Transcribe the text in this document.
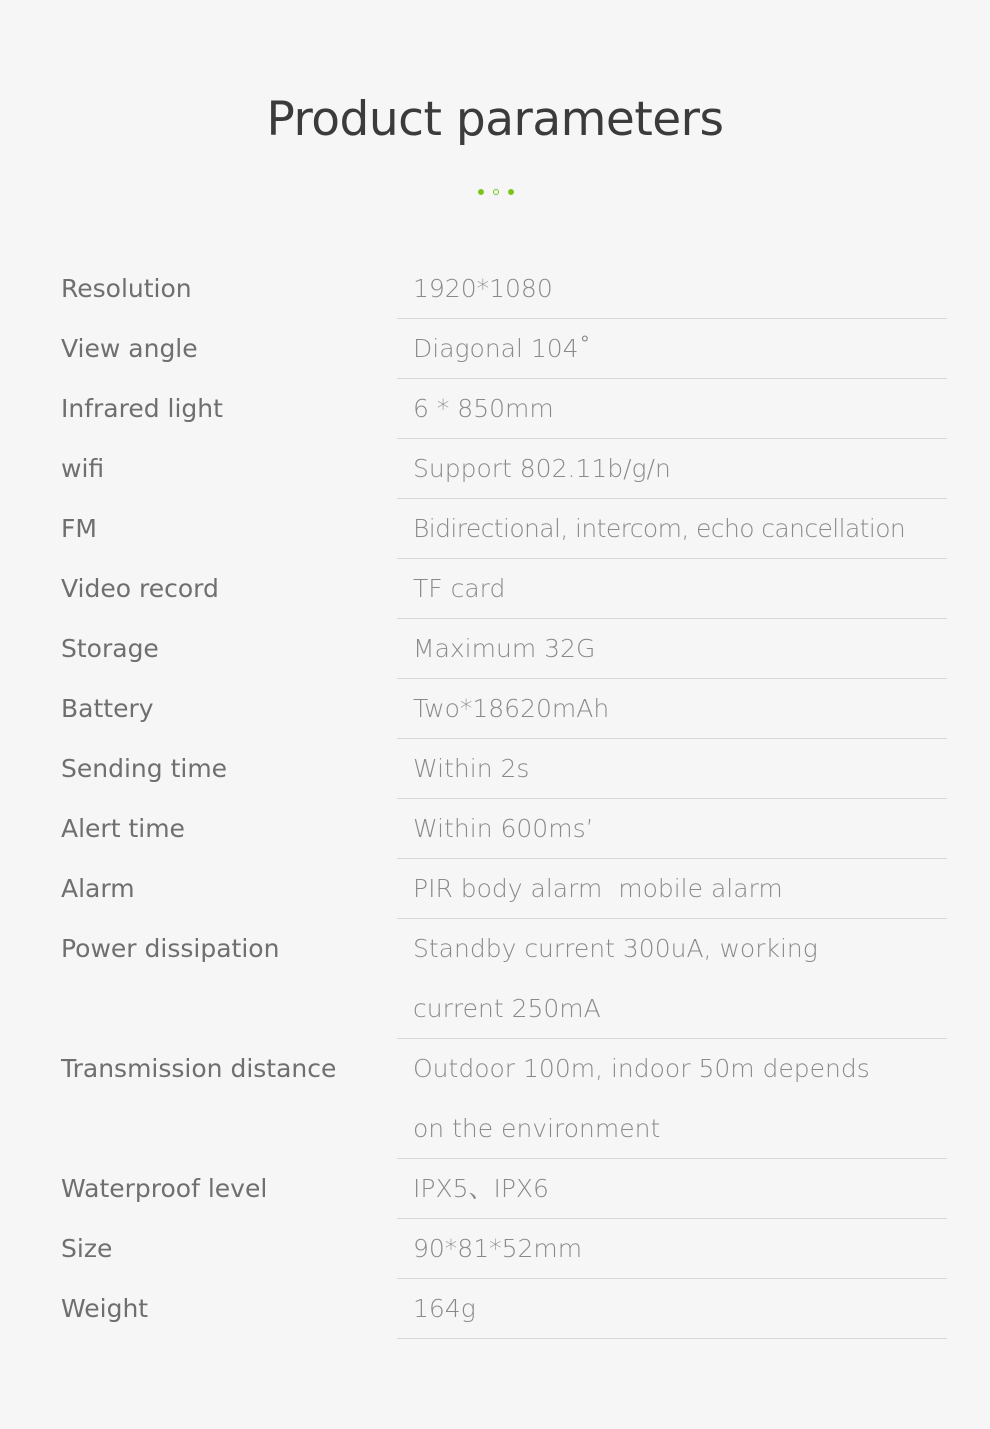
Product parameters
Resolution	1920*1080
View angle	Diagonal 104˚
Infrared light	6 * 850mm
wifi	Support 802.11b/g/n
FM	Bidirectional, intercom, echo cancellation
Video record	TF card
Storage	Maximum 32G
Battery	Two*18620mAh
Sending time	Within 2s
Alert time	Within 600ms’
Alarm	PIR body alarm  mobile alarm
Power dissipation	Standby current 300uA, working current 250mA
Transmission distance	Outdoor 100m, indoor 50m depends on the environment
Waterproof level	IPX5、IPX6
Size	90*81*52mm
Weight	164g
